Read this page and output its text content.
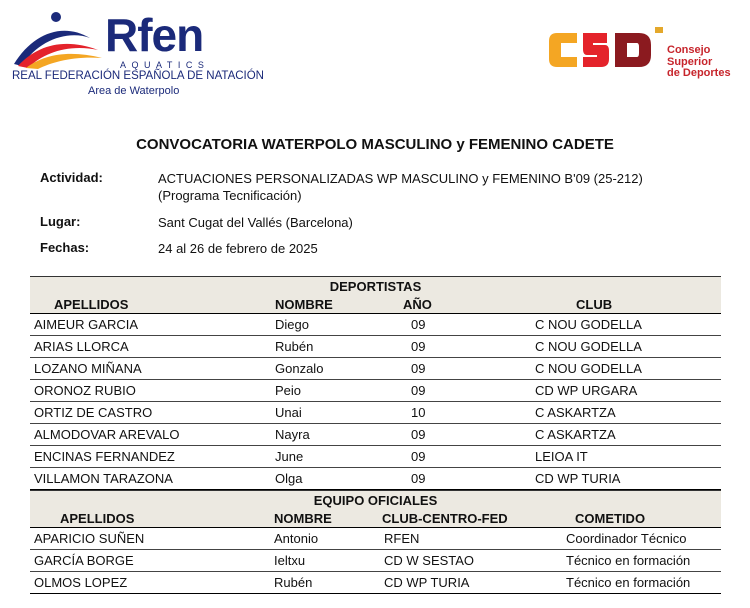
Rfen
AQUATICS
REAL FEDERACIÓN ESPAÑOLA DE NATACIÓN
Area de Waterpolo
Consejo
Superior
de Deportes
CONVOCATORIA WATERPOLO MASCULINO y FEMENINO CADETE
Actividad:	ACTUACIONES PERSONALIZADAS WP MASCULINO y FEMENINO B'09 (25-212)
(Programa Tecnificación)
Lugar:	Sant Cugat del Vallés (Barcelona)
Fechas:	24 al 26 de febrero de 2025
DEPORTISTAS
APELLIDOS	NOMBRE	AÑO	CLUB
AIMEUR GARCIA	Diego	09	C NOU GODELLA
ARIAS LLORCA	Rubén	09	C NOU GODELLA
LOZANO MIÑANA	Gonzalo	09	C NOU GODELLA
ORONOZ RUBIO	Peio	09	CD WP URGARA
ORTIZ DE CASTRO	Unai	10	C ASKARTZA
ALMODOVAR AREVALO	Nayra	09	C ASKARTZA
ENCINAS FERNANDEZ	June	09	LEIOA IT
VILLAMON TARAZONA	Olga	09	CD WP TURIA
EQUIPO OFICIALES
APELLIDOS	NOMBRE	CLUB-CENTRO-FED	COMETIDO
APARICIO SUÑEN	Antonio	RFEN	Coordinador Técnico
GARCÍA BORGE	Ieltxu	CD W SESTAO	Técnico en formación
OLMOS LOPEZ	Rubén	CD WP TURIA	Técnico en formación
